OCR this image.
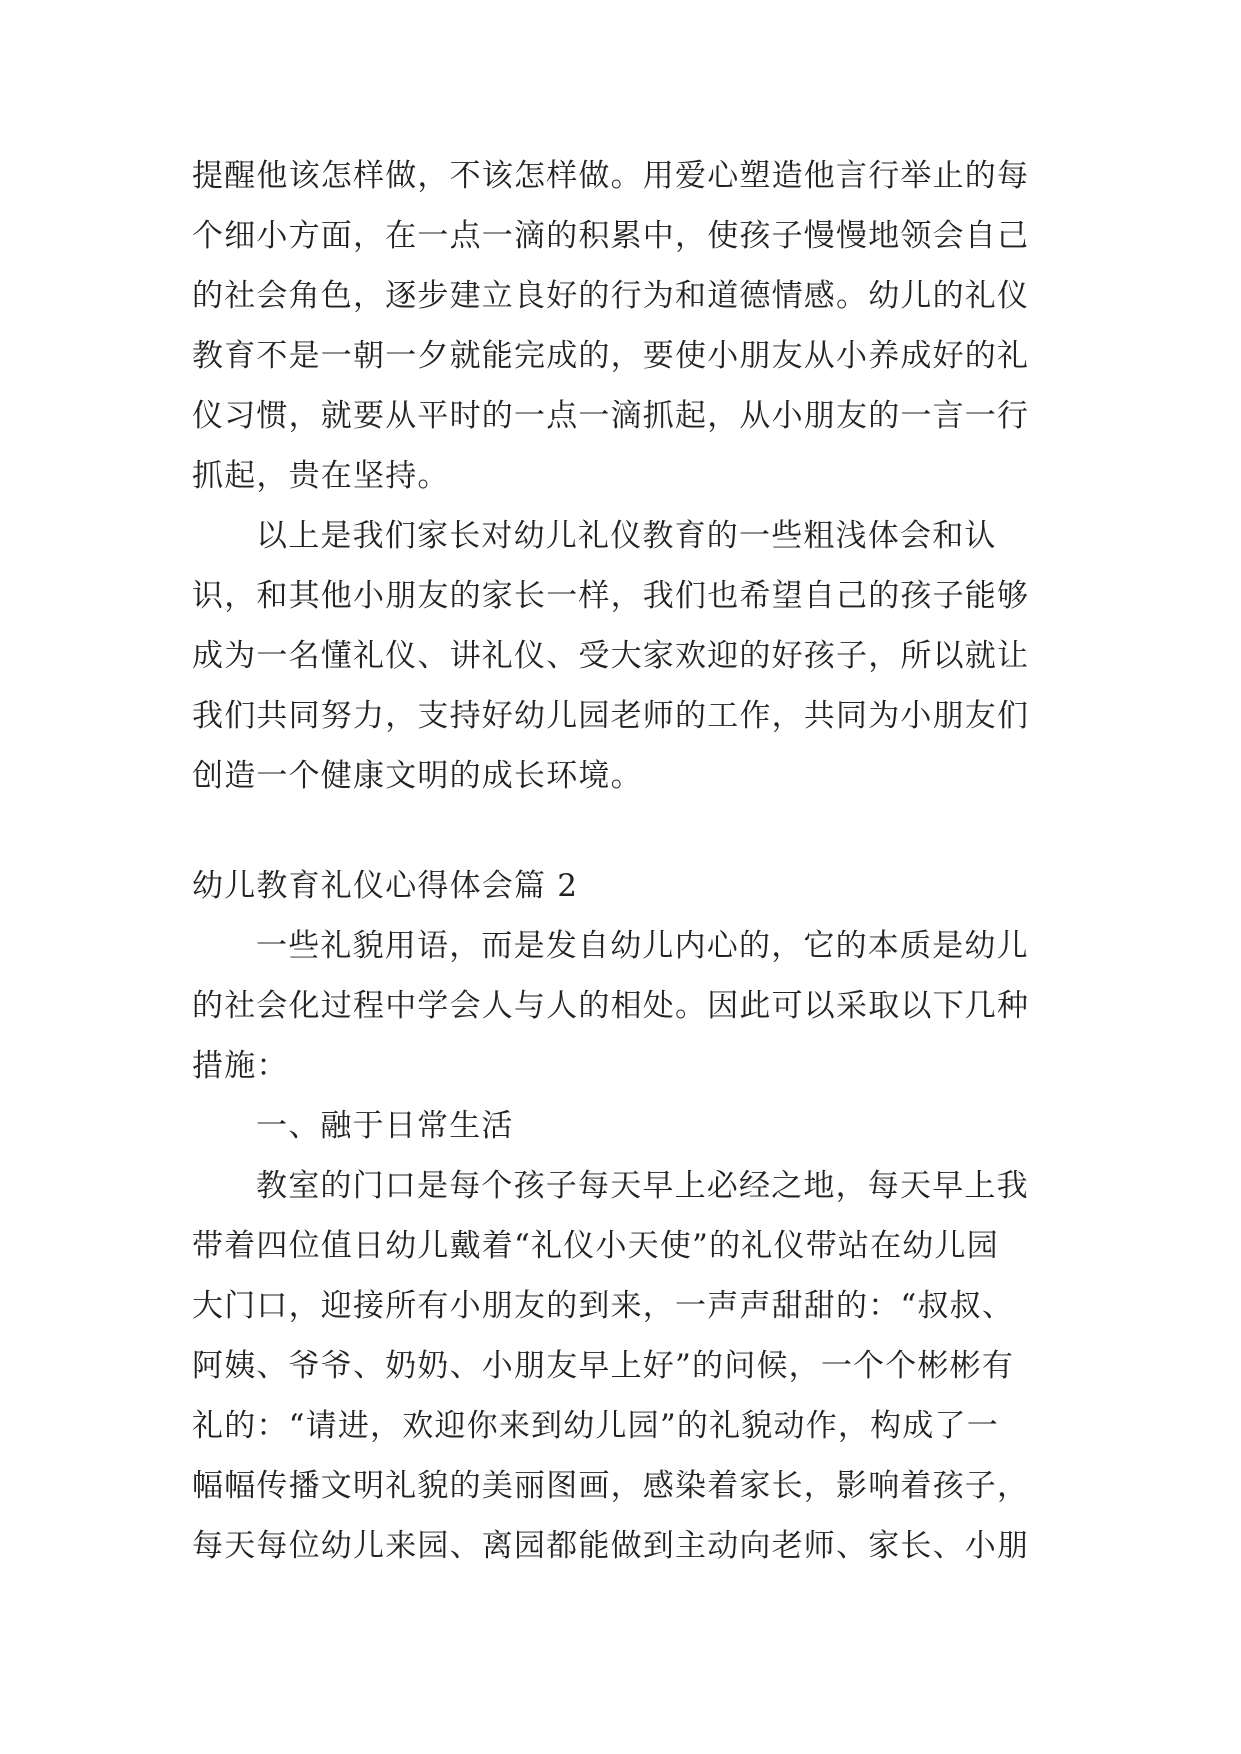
提醒他该怎样做，不该怎样做。用爱心塑造他言行举止的每
个细小方面，在一点一滴的积累中，使孩子慢慢地领会自己
的社会角色，逐步建立良好的行为和道德情感。幼儿的礼仪
教育不是一朝一夕就能完成的，要使小朋友从小养成好的礼
仪习惯，就要从平时的一点一滴抓起，从小朋友的一言一行
抓起，贵在坚持。
以上是我们家长对幼儿礼仪教育的一些粗浅体会和认
识，和其他小朋友的家长一样，我们也希望自己的孩子能够
成为一名懂礼仪、讲礼仪、受大家欢迎的好孩子，所以就让
我们共同努力，支持好幼儿园老师的工作，共同为小朋友们
创造一个健康文明的成长环境。
幼儿教育礼仪心得体会篇 2
一些礼貌用语，而是发自幼儿内心的，它的本质是幼儿
的社会化过程中学会人与人的相处。因此可以采取以下几种
措施：
一、融于日常生活
教室的门口是每个孩子每天早上必经之地，每天早上我
带着四位值日幼儿戴着“礼仪小天使”的礼仪带站在幼儿园
大门口，迎接所有小朋友的到来，一声声甜甜的：“叔叔、
阿姨、爷爷、奶奶、小朋友早上好”的问候，一个个彬彬有
礼的：“请进，欢迎你来到幼儿园”的礼貌动作，构成了一
幅幅传播文明礼貌的美丽图画，感染着家长，影响着孩子，
每天每位幼儿来园、离园都能做到主动向老师、家长、小朋
